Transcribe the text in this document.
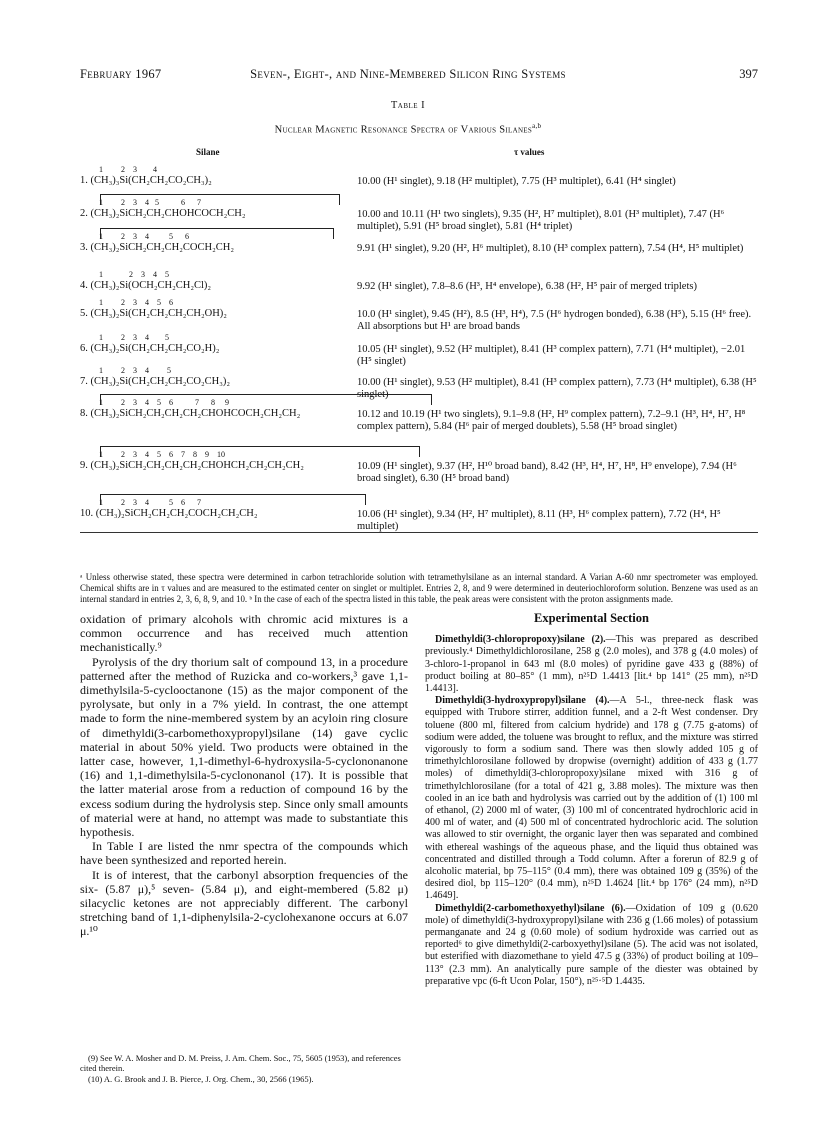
February 1967	Seven-, Eight-, and Nine-Membered Silicon Ring Systems	397
Table I
Nuclear Magnetic Resonance Spectra of Various Silanes$^{a,b}$
Silane	τ values
1         2    3        4
1. (CH₃)₃Si(CH₂CH₂CO₂CH₃)₂	10.00 (H¹ singlet), 9.18 (H² multiplet), 7.75 (H³ multiplet), 6.41 (H⁴ singlet)
1         2    3    4   5           6      7
2. (CH₃)₂SiCH₂CH₂CHOHCOCH₂CH₂	10.00 and 10.11 (H¹ two singlets), 9.35 (H², H⁷ multiplet), 8.01 (H³ multiplet), 7.47 (H⁶ multiplet), 5.91 (H⁵ broad singlet), 5.81 (H⁴ triplet)
1         2    3    4          5      6
3. (CH₃)₂SiCH₂CH₂CH₂COCH₂CH₂	9.91 (H¹ singlet), 9.20 (H², H⁶ multiplet), 8.10 (H³ complex pattern), 7.54 (H⁴, H⁵ multiplet)
1             2    3    4    5
4. (CH₃)₂Si(OCH₂CH₂CH₂Cl)₂	9.92 (H¹ singlet), 7.8–8.6 (H³, H⁴ envelope), 6.38 (H², H⁵ pair of merged triplets)
1         2    3    4    5    6
5. (CH₃)₂Si(CH₂CH₂CH₂CH₂OH)₂	10.0 (H¹ singlet), 9.45 (H²), 8.5 (H³, H⁴), 7.5 (H⁶ hydrogen bonded), 6.38 (H⁵), 5.15 (H⁶ free). All absorptions but H¹ are broad bands
1         2    3    4        5
6. (CH₃)₂Si(CH₂CH₂CH₂CO₂H)₂	10.05 (H¹ singlet), 9.52 (H² multiplet), 8.41 (H³ complex pattern), 7.71 (H⁴ multiplet), −2.01 (H⁵ singlet)
1         2    3    4         5
7. (CH₃)₂Si(CH₂CH₂CH₂CO₂CH₃)₂	10.00 (H¹ singlet), 9.53 (H² multiplet), 8.41 (H³ complex pattern), 7.73 (H⁴ multiplet), 6.38 (H⁵ singlet)
1         2    3    4    5    6           7      8     9
8. (CH₃)₂SiCH₂CH₂CH₂CH₂CHOHCOCH₂CH₂CH₂	10.12 and 10.19 (H¹ two singlets), 9.1–9.8 (H², H⁹ complex pattern), 7.2–9.1 (H³, H⁴, H⁷, H⁸ complex pattern), 5.84 (H⁶ pair of merged doublets), 5.58 (H⁵ broad singlet)
1         2    3    4    5    6    7    8    9    10
9. (CH₃)₂SiCH₂CH₂CH₂CH₂CHOHCH₂CH₂CH₂CH₂	10.09 (H¹ singlet), 9.37 (H², H¹⁰ broad band), 8.42 (H³, H⁴, H⁷, H⁸, H⁹ envelope), 7.94 (H⁶ broad singlet), 6.30 (H⁵ broad band)
1         2    3    4          5    6      7
10. (CH₃)₂SiCH₂CH₂CH₂COCH₂CH₂CH₂	10.06 (H¹ singlet), 9.34 (H², H⁷ multiplet), 8.11 (H³, H⁶ complex pattern), 7.72 (H⁴, H⁵ multiplet)
ᵃ Unless otherwise stated, these spectra were determined in carbon tetrachloride solution with tetramethylsilane as an internal standard. A Varian A-60 nmr spectrometer was employed. Chemical shifts are in τ values and are measured to the estimated center on singlet or multiplet. Entries 2, 8, and 9 were determined in deuteriochloroform solution. Benzene was used as an internal standard in entries 2, 3, 6, 8, 9, and 10. ᵇ In the case of each of the spectra listed in this table, the peak areas were consistent with the proton assignments made.

oxidation of primary alcohols with chromic acid mixtures is a common occurrence and has received much attention mechanistically.⁹

Pyrolysis of the dry thorium salt of compound 13, in a procedure patterned after the method of Ruzicka and co-workers,³ gave 1,1-dimethylsila-5-cyclooctanone (15) as the major component of the pyrolysate, but only in a 7% yield. In contrast, the one attempt made to form the nine-membered system by an acyloin ring closure of dimethyldi(3-carbomethoxypropyl)silane (14) gave cyclic material in about 50% yield. Two products were obtained in the latter case, however, 1,1-dimethyl-6-hydroxysila-5-cyclononanone (16) and 1,1-dimethylsila-5-cyclononanol (17). It is possible that the latter material arose from a reduction of compound 16 by the excess sodium during the hydrolysis step. Since only small amounts of material were at hand, no attempt was made to substantiate this hypothesis.

In Table I are listed the nmr spectra of the compounds which have been synthesized and reported herein.

It is of interest, that the carbonyl absorption frequencies of the six- (5.87 μ),⁵ seven- (5.84 μ), and eight-membered (5.82 μ) silacyclic ketones are not appreciably different. The carbonyl stretching band of 1,1-diphenylsila-2-cyclohexanone occurs at 6.07 μ.¹⁰

(9) See W. A. Mosher and D. M. Preiss, J. Am. Chem. Soc., 75, 5605 (1953), and references cited therein.

(10) A. G. Brook and J. B. Pierce, J. Org. Chem., 30, 2566 (1965).

Experimental Section

Dimethyldi(3-chloropropoxy)silane (2).—This was prepared as described previously.⁴ Dimethyldichlorosilane, 258 g (2.0 moles), and 378 g (4.0 moles) of 3-chloro-1-propanol in 643 ml (8.0 moles) of pyridine gave 433 g (88%) of product boiling at 80–85° (1 mm), n²⁵D 1.4413 [lit.⁴ bp 141° (25 mm), n²⁵D 1.4413].

Dimethyldi(3-hydroxypropyl)silane (4).—A 5-l., three-neck flask was equipped with Trubore stirrer, addition funnel, and a 2-ft West condenser. Dry toluene (800 ml, filtered from calcium hydride) and 178 g (7.75 g-atoms) of sodium were added, the toluene was brought to reflux, and the mixture was stirred vigorously to form a sodium sand. There was then slowly added 105 g of trimethylchlorosilane followed by dropwise (overnight) addition of 433 g (1.77 moles) of dimethyldi(3-chloropropoxy)silane mixed with 316 g of trimethylchlorosilane (for a total of 421 g, 3.88 moles). The mixture was then cooled in an ice bath and hydrolysis was carried out by the addition of (1) 100 ml of ethanol, (2) 2000 ml of water, (3) 100 ml of concentrated hydrochloric acid in 400 ml of water, and (4) 500 ml of concentrated hydrochloric acid. The solution was allowed to stir overnight, the organic layer then was separated and combined with ethereal washings of the aqueous phase, and the liquid thus obtained was concentrated and distilled through a Todd column. After a forerun of 82.9 g of alcoholic material, bp 75–115° (0.4 mm), there was obtained 109 g (35%) of the desired diol, bp 115–120° (0.4 mm), n²⁵D 1.4624 [lit.⁴ bp 176° (24 mm), n²⁵D 1.4649].

Dimethyldi(2-carbomethoxyethyl)silane (6).—Oxidation of 109 g (0.620 mole) of dimethyldi(3-hydroxypropyl)silane with 236 g (1.66 moles) of potassium permanganate and 24 g (0.60 mole) of sodium hydroxide was carried out as reported⁶ to give dimethyldi(2-carboxyethyl)silane (5). The acid was not isolated, but esterified with diazomethane to yield 47.5 g (33%) of product boiling at 109–113° (2.3 mm). An analytically pure sample of the diester was obtained by preparative vpc (6-ft Ucon Polar, 150°), n²⁵·⁵D 1.4435.
